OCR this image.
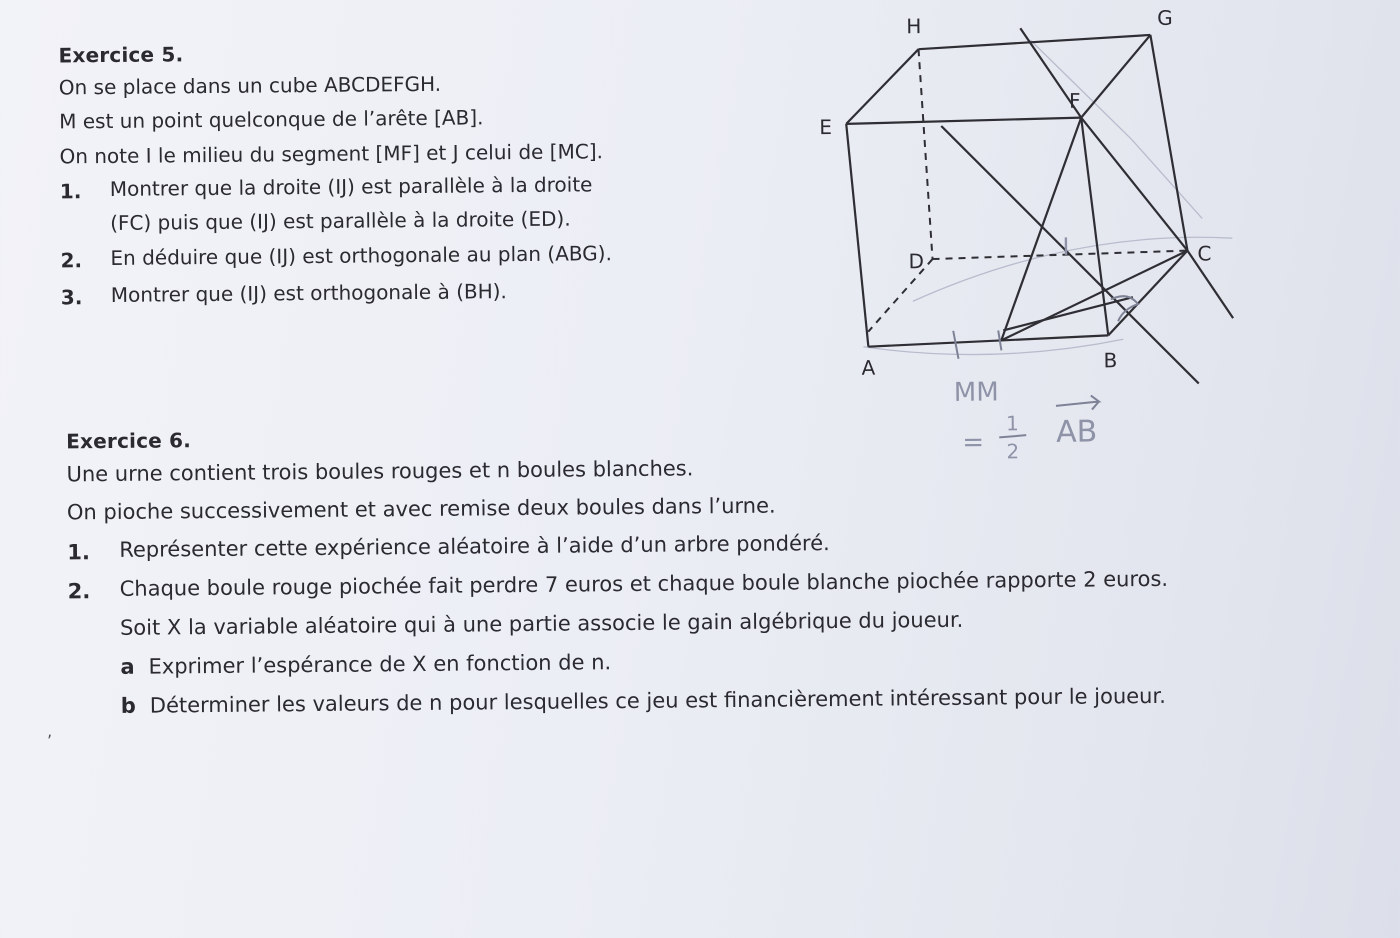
Exercice 5.
On se place dans un cube ABCDEFGH.
M est un point quelconque de l’arête [AB].
On note I le milieu du segment [MF] et J celui de [MC].
1. Montrer que la droite (IJ) est parallèle à la droite
(FC) puis que (IJ) est parallèle à la droite (ED).
2. En déduire que (IJ) est orthogonale au plan (ABG).
3. Montrer que (IJ) est orthogonale à (BH).
H	G
E
F
D	C
A	B
I
MM
=
1
2
AB
Exercice 6.
Une urne contient trois boules rouges et n boules blanches.
On pioche successivement et avec remise deux boules dans l’urne.
1. Représenter cette expérience aléatoire à l’aide d’un arbre pondéré.
2. Chaque boule rouge piochée fait perdre 7 euros et chaque boule blanche piochée rapporte 2 euros.
Soit X la variable aléatoire qui à une partie associe le gain algébrique du joueur.
a Exprimer l’espérance de X en fonction de n.
b Déterminer les valeurs de n pour lesquelles ce jeu est financièrement intéressant pour le joueur.
,
